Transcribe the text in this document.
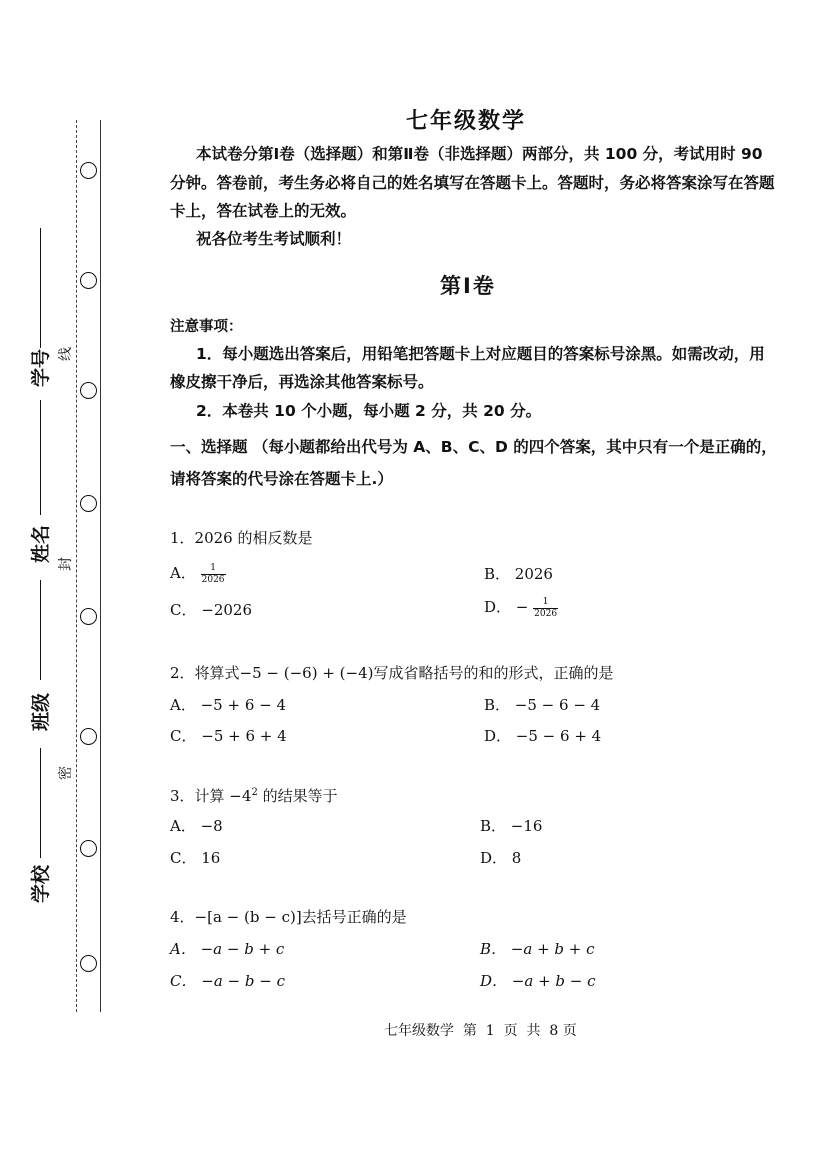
学号
姓名
班级
学校
线
封
密
七年级数学
本试卷分第Ⅰ卷（选择题）和第Ⅱ卷（非选择题）两部分，共 100 分，考试用时 90
分钟。答卷前，考生务必将自己的姓名填写在答题卡上。答题时，务必将答案涂写在答题
卡上，答在试卷上的无效。
祝各位考生考试顺利！
第Ⅰ卷
注意事项：
1．每小题选出答案后，用铅笔把答题卡上对应题目的答案标号涂黑。如需改动，用
橡皮擦干净后，再选涂其他答案标号。
2．本卷共 10 个小题，每小题 2 分，共 20 分。
一、选择题 （每小题都给出代号为 A、B、C、D 的四个答案，其中只有一个是正确的，
请将答案的代号涂在答题卡上.）
1．2026 的相反数是
A． $\frac{1}{2026}$	B． 2026
C． −2026	D． − $\frac{1}{2026}$
2．将算式−5 − (−6) + (−4)写成省略括号的和的形式，正确的是
A． −5 + 6 − 4	B． −5 − 6 − 4
C． −5 + 6 + 4	D． −5 − 6 + 4
3．计算 $-4^2$ 的结果等于
A． −8	B． −16
C． 16	D． 8
4．−[a − (b − c)]去括号正确的是
A． −a − b + c	B． −a + b + c
C． −a − b − c	D． −a + b − c
七年级数学  第  1  页  共  8 页
